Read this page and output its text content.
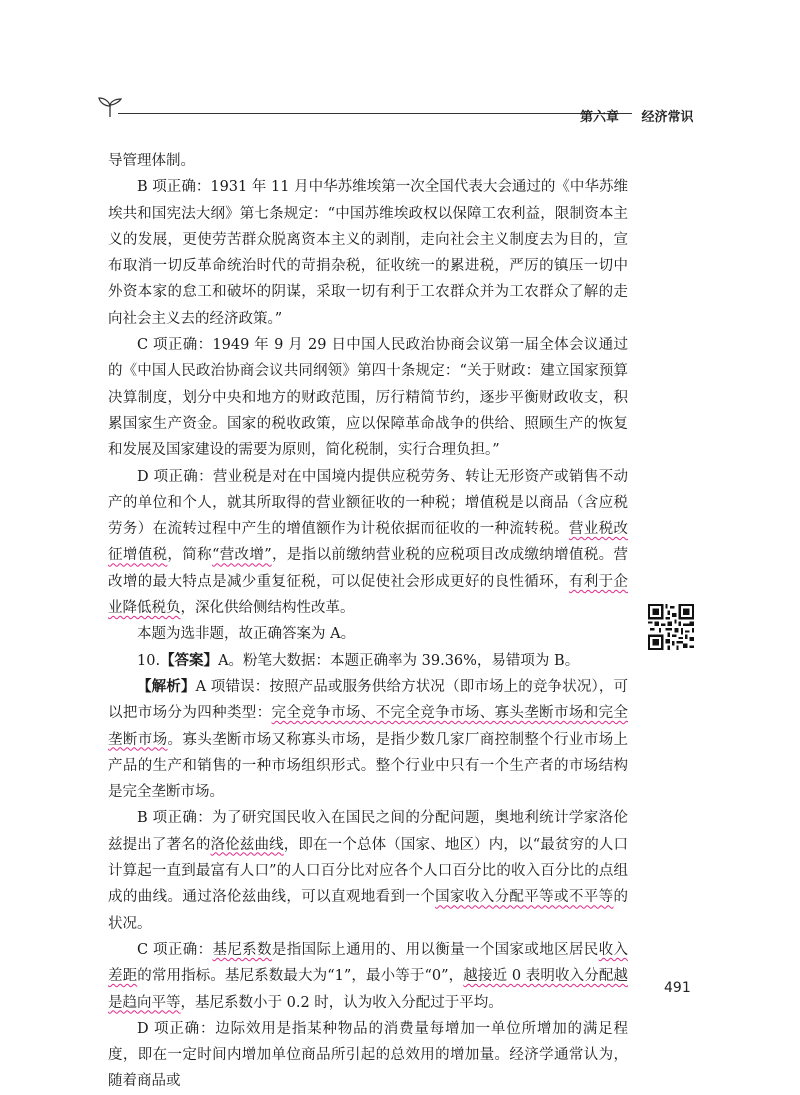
第六章 经济常识

导管理体制。

B 项正确：1931 年 11 月中华苏维埃第一次全国代表大会通过的《中华苏维埃共和国宪法大纲》第七条规定：“中国苏维埃政权以保障工农利益，限制资本主义的发展，更使劳苦群众脱离资本主义的剥削，走向社会主义制度去为目的，宣布取消一切反革命统治时代的苛捐杂税，征收统一的累进税，严厉的镇压一切中外资本家的怠工和破坏的阴谋，采取一切有利于工农群众并为工农群众了解的走向社会主义去的经济政策。”

C 项正确：1949 年 9 月 29 日中国人民政治协商会议第一届全体会议通过的《中国人民政治协商会议共同纲领》第四十条规定：“关于财政：建立国家预算决算制度，划分中央和地方的财政范围，厉行精简节约，逐步平衡财政收支，积累国家生产资金。国家的税收政策，应以保障革命战争的供给、照顾生产的恢复和发展及国家建设的需要为原则，简化税制，实行合理负担。”

D 项正确：营业税是对在中国境内提供应税劳务、转让无形资产或销售不动产的单位和个人，就其所取得的营业额征收的一种税；增值税是以商品（含应税劳务）在流转过程中产生的增值额作为计税依据而征收的一种流转税。营业税改征增值税，简称“营改增”，是指以前缴纳营业税的应税项目改成缴纳增值税。营改增的最大特点是减少重复征税，可以促使社会形成更好的良性循环，有利于企业降低税负，深化供给侧结构性改革。

本题为选非题，故正确答案为 A。

10.【答案】A。粉笔大数据：本题正确率为 39.36%，易错项为 B。

【解析】A 项错误：按照产品或服务供给方状况（即市场上的竞争状况），可以把市场分为四种类型：完全竞争市场、不完全竞争市场、寡头垄断市场和完全垄断市场。寡头垄断市场又称寡头市场，是指少数几家厂商控制整个行业市场上产品的生产和销售的一种市场组织形式。整个行业中只有一个生产者的市场结构是完全垄断市场。

B 项正确：为了研究国民收入在国民之间的分配问题，奥地利统计学家洛伦兹提出了著名的洛伦兹曲线，即在一个总体（国家、地区）内，以“最贫穷的人口计算起一直到最富有人口”的人口百分比对应各个人口百分比的收入百分比的点组成的曲线。通过洛伦兹曲线，可以直观地看到一个国家收入分配平等或不平等的状况。

C 项正确：基尼系数是指国际上通用的、用以衡量一个国家或地区居民收入差距的常用指标。基尼系数最大为“1”，最小等于“0”，越接近 0 表明收入分配越是趋向平等，基尼系数小于 0.2 时，认为收入分配过于平均。

D 项正确：边际效用是指某种物品的消费量每增加一单位所增加的满足程度，即在一定时间内增加单位商品所引起的总效用的增加量。经济学通常认为，随着商品或

491
